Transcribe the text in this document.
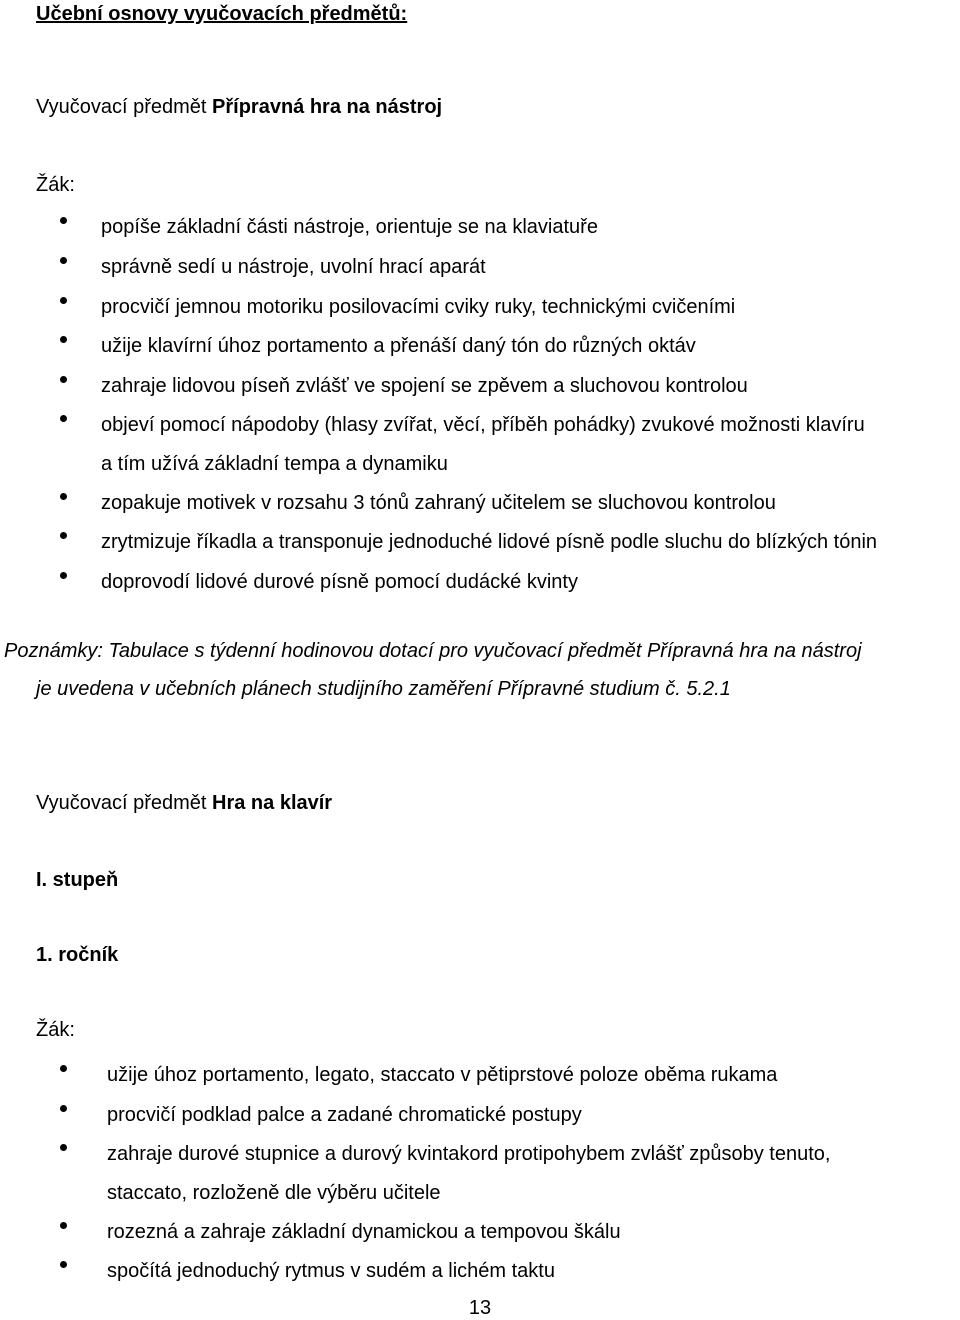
Učební osnovy vyučovacích předmětů:
Vyučovací předmět Přípravná hra na nástroj
Žák:
popíše základní části nástroje, orientuje se na klaviatuře
správně sedí u nástroje, uvolní hrací aparát
procvičí jemnou motoriku posilovacími cviky ruky, technickými cvičeními
užije klavírní úhoz portamento a přenáší daný tón do různých oktáv
zahraje lidovou píseň zvlášť ve spojení se zpěvem a sluchovou kontrolou
objeví pomocí nápodoby (hlasy zvířat, věcí, příběh pohádky) zvukové možnosti klavíru
a tím užívá základní tempa a dynamiku
zopakuje motivek v rozsahu 3 tónů zahraný učitelem se sluchovou kontrolou
zrytmizuje říkadla a transponuje jednoduché lidové písně podle sluchu do blízkých tónin
doprovodí lidové durové písně pomocí dudácké kvinty
Poznámky: Tabulace s týdenní hodinovou dotací pro vyučovací předmět Přípravná hra na nástroj
je uvedena v učebních plánech studijního zaměření Přípravné studium č. 5.2.1
Vyučovací předmět Hra na klavír
I. stupeň
1. ročník
Žák:
užije úhoz portamento, legato, staccato v pětiprstové poloze oběma rukama
procvičí podklad palce a zadané chromatické postupy
zahraje durové stupnice a durový kvintakord protipohybem zvlášť způsoby tenuto,
staccato, rozloženě dle výběru učitele
rozezná a zahraje základní dynamickou a tempovou škálu
spočítá jednoduchý rytmus v sudém a lichém taktu
13
